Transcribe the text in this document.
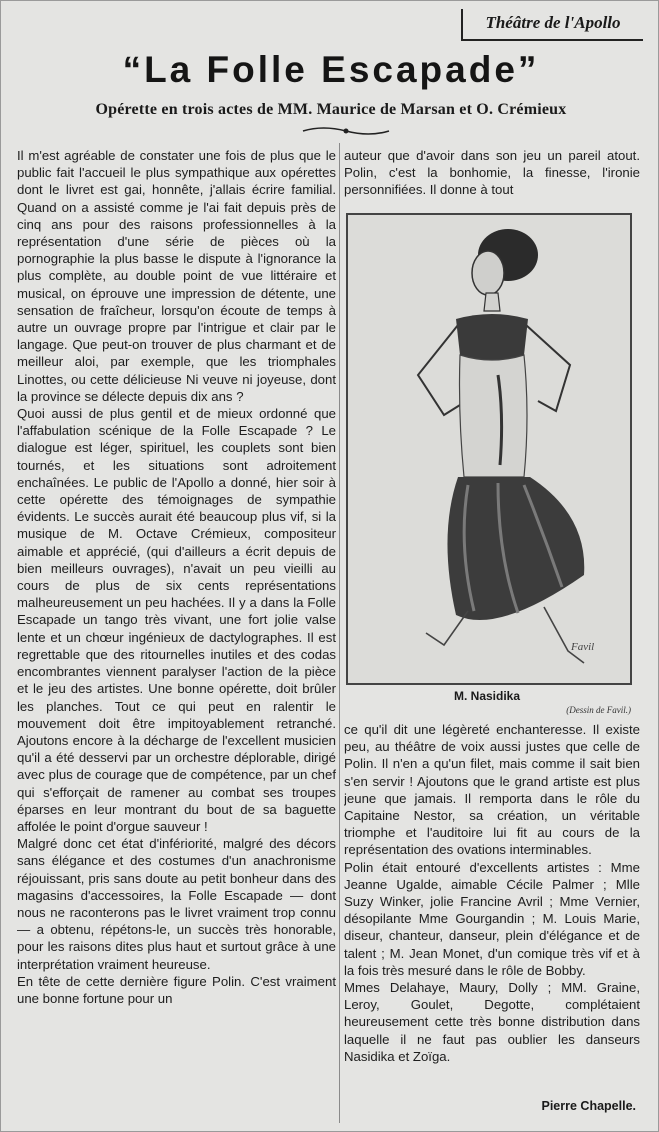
Théâtre de l'Apollo
“La Folle Escapade”
Opérette en trois actes de MM. Maurice de Marsan et O. Crémieux

Il m'est agréable de constater une fois de plus que le public fait l'accueil le plus sympathique aux opérettes dont le livret est gai, honnête, j'allais écrire familial. Quand on a assisté comme je l'ai fait depuis près de cinq ans pour des raisons professionnelles à la représentation d'une série de pièces où la pornographie la plus basse le dispute à l'ignorance la plus complète, au double point de vue littéraire et musical, on éprouve une impression de détente, une sensation de fraîcheur, lorsqu'on écoute de temps à autre un ouvrage propre par l'intrigue et clair par le langage. Que peut-on trouver de plus charmant et de meilleur aloi, par exemple, que les triomphales Linottes, ou cette délicieuse Ni veuve ni joyeuse, dont la province se délecte depuis dix ans ?
Quoi aussi de plus gentil et de mieux ordonné que l'affabulation scénique de la Folle Escapade ? Le dialogue est léger, spirituel, les couplets sont bien tournés, et les situations sont adroitement enchaînées. Le public de l'Apollo a donné, hier soir à cette opérette des témoignages de sympathie évidents. Le succès aurait été beaucoup plus vif, si la musique de M. Octave Crémieux, compositeur aimable et apprécié, (qui d'ailleurs a écrit depuis de bien meilleurs ouvrages), n'avait un peu vieilli au cours de plus de six cents représentations malheureusement un peu hachées. Il y a dans la Folle Escapade un tango très vivant, une fort jolie valse lente et un chœur ingénieux de dactylographes. Il est regrettable que des ritournelles inutiles et des codas encombrantes viennent paralyser l'action de la pièce et le jeu des artistes. Une bonne opérette, doit brûler les planches. Tout ce qui peut en ralentir le mouvement doit être impitoyablement retranché. Ajoutons encore à la décharge de l'excellent musicien qu'il a été desservi par un orchestre déplorable, dirigé avec plus de courage que de compétence, par un chef qui s'efforçait de ramener au combat ses troupes éparses en leur montrant du bout de sa baguette affolée le point d'orgue sauveur !
Malgré donc cet état d'infériorité, malgré des décors sans élégance et des costumes d'un anachronisme réjouissant, pris sans doute au petit bonheur dans des magasins d'accessoires, la Folle Escapade — dont nous ne raconterons pas le livret vraiment trop connu — a obtenu, répétons-le, un succès très honorable, pour les raisons dites plus haut et surtout grâce à une interprétation vraiment heureuse.
En tête de cette dernière figure Polin. C'est vraiment une bonne fortune pour un

auteur que d'avoir dans son jeu un pareil atout. Polin, c'est la bonhomie, la finesse, l'ironie personnifiées. Il donne à tout

Favil
M. Nasidika
(Dessin de Favil.)

ce qu'il dit une légèreté enchanteresse. Il existe peu, au théâtre de voix aussi justes que celle de Polin. Il n'en a qu'un filet, mais comme il sait bien s'en servir ! Ajoutons que le grand artiste est plus jeune que jamais. Il remporta dans le rôle du Capitaine Nestor, sa création, un véritable triomphe et l'auditoire lui fit au cours de la représentation des ovations interminables.
Polin était entouré d'excellents artistes : Mme Jeanne Ugalde, aimable Cécile Palmer ; Mlle Suzy Winker, jolie Francine Avril ; Mme Vernier, désopilante Mme Gourgandin ; M. Louis Marie, diseur, chanteur, danseur, plein d'élégance et de talent ; M. Jean Monet, d'un comique très vif et à la fois très mesuré dans le rôle de Bobby.
Mmes Delahaye, Maury, Dolly ; MM. Graine, Leroy, Goulet, Degotte, complétaient heureusement cette très bonne distribution dans laquelle il ne faut pas oublier les danseurs Nasidika et Zoïga.

Pierre Chapelle.
